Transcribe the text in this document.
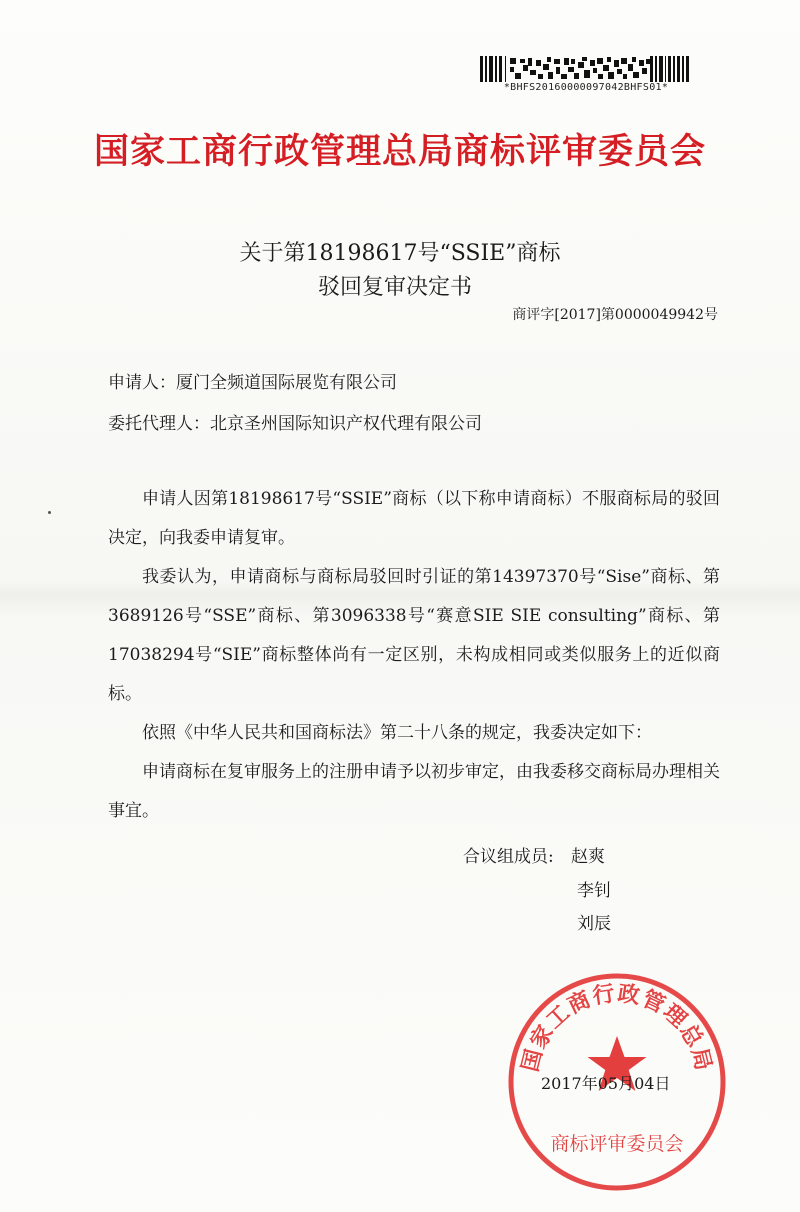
*BHFS20160000097042BHFS01*
国家工商行政管理总局商标评审委员会
关于第18198617号“SSIE”商标
驳回复审决定书
商评字[2017]第0000049942号
申请人：厦门全频道国际展览有限公司
委托代理人：北京圣州国际知识产权代理有限公司
申请人因第18198617号“SSIE”商标（以下称申请商标）不服商标局的驳回决定，向我委申请复审。
我委认为，申请商标与商标局驳回时引证的第14397370号“Sise”商标、第3689126号“SSE”商标、第3096338号“赛意SIE SIE consulting”商标、第17038294号“SIE”商标整体尚有一定区别，未构成相同或类似服务上的近似商标。
依照《中华人民共和国商标法》第二十八条的规定，我委决定如下：
申请商标在复审服务上的注册申请予以初步审定，由我委移交商标局办理相关事宜。
合议组成员: 赵爽
李钊
刘辰
国家工商行政管理总局
商标评审委员会
2017年05月04日
